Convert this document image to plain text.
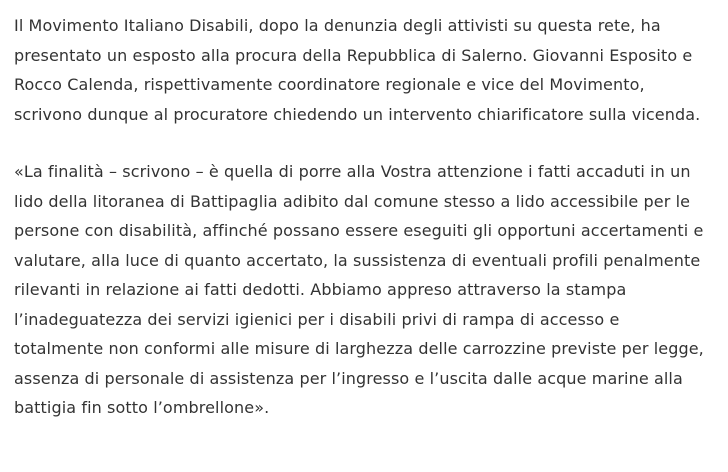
Il Movimento Italiano Disabili, dopo la denunzia degli attivisti su questa rete, ha presentato un esposto alla procura della Repubblica di Salerno. Giovanni Esposito e Rocco Calenda, rispettivamente coordinatore regionale e vice del Movimento, scrivono dunque al procuratore chiedendo un intervento chiarificatore sulla vicenda.

«La finalità – scrivono – è quella di porre alla Vostra attenzione i fatti accaduti in un lido della litoranea di Battipaglia adibito dal comune stesso a lido accessibile per le persone con disabilità, affinché possano essere eseguiti gli opportuni accertamenti e valutare, alla luce di quanto accertato, la sussistenza di eventuali profili penalmente rilevanti in relazione ai fatti dedotti. Abbiamo appreso attraverso la stampa l’inadeguatezza dei servizi igienici per i disabili privi di rampa di accesso e totalmente non conformi alle misure di larghezza delle carrozzine previste per legge, assenza di personale di assistenza per l’ingresso e l’uscita dalle acque marine alla battigia fin sotto l’ombrellone».
